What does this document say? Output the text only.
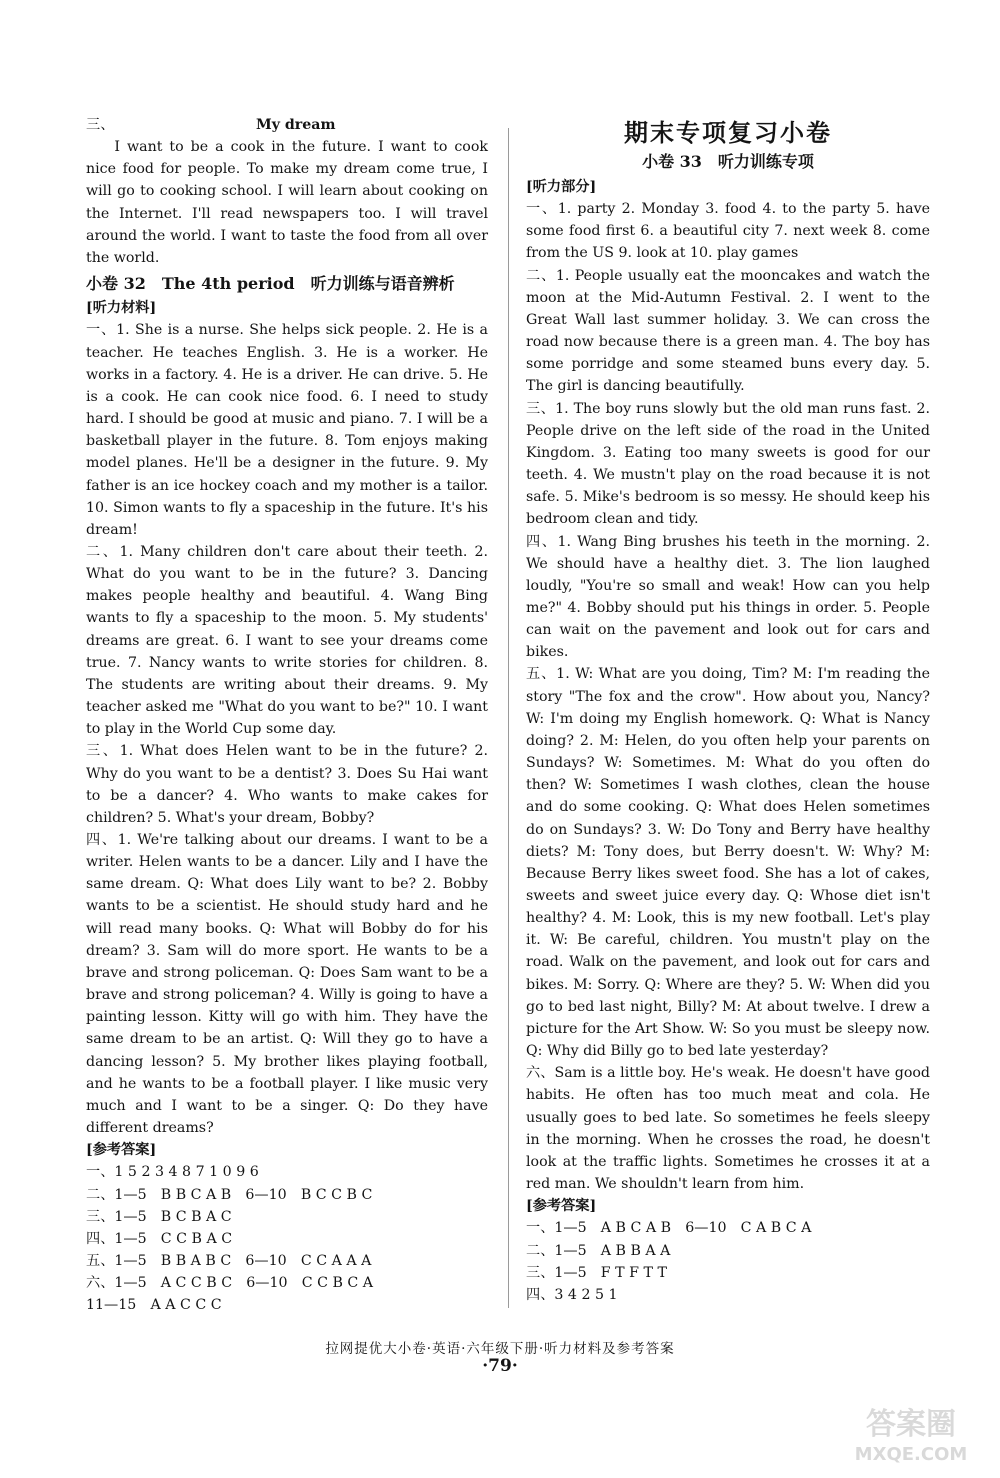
三、	My dream

I want to be a cook in the future. I want to cook nice food for people. To make my dream come true, I will go to cooking school. I will learn about cooking on the Internet. I'll read newspapers too. I will travel around the world. I want to taste the food from all over the world.

小卷 32　The 4th period　听力训练与语音辨析

[听力材料]

一、1. She is a nurse. She helps sick people. 2. He is a teacher. He teaches English. 3. He is a worker. He works in a factory. 4. He is a driver. He can drive. 5. He is a cook. He can cook nice food. 6. I need to study hard. I should be good at music and piano. 7. I will be a basketball player in the future. 8. Tom enjoys making model planes. He'll be a designer in the future. 9. My father is an ice hockey coach and my mother is a tailor. 10. Simon wants to fly a spaceship in the future. It's his dream!

二、1. Many children don't care about their teeth. 2. What do you want to be in the future? 3. Dancing makes people healthy and beautiful. 4. Wang Bing wants to fly a spaceship to the moon. 5. My students' dreams are great. 6. I want to see your dreams come true. 7. Nancy wants to write stories for children. 8. The students are writing about their dreams. 9. My teacher asked me "What do you want to be?" 10. I want to play in the World Cup some day.

三、1. What does Helen want to be in the future? 2. Why do you want to be a dentist? 3. Does Su Hai want to be a dancer? 4. Who wants to make cakes for children? 5. What's your dream, Bobby?

四、1. We're talking about our dreams. I want to be a writer. Helen wants to be a dancer. Lily and I have the same dream. Q: What does Lily want to be? 2. Bobby wants to be a scientist. He should study hard and he will read many books. Q: What will Bobby do for his dream? 3. Sam will do more sport. He wants to be a brave and strong policeman. Q: Does Sam want to be a brave and strong policeman? 4. Willy is going to have a painting lesson. Kitty will go with him. They have the same dream to be an artist. Q: Will they go to have a dancing lesson? 5. My brother likes playing football, and he wants to be a football player. I like music very much and I want to be a singer. Q: Do they have different dreams?

[参考答案]

一、1 5 2 3 4 8 7 1 0 9 6

二、1—5　B B C A B　6—10　B C C B C

三、1—5　B C B A C

四、1—5　C C B A C

五、1—5　B B A B C　6—10　C C A A A

六、1—5　A C C B C　6—10　C C B C A

11—15　A A C C C

期末专项复习小卷

小卷 33　听力训练专项

[听力部分]

一、1. party 2. Monday 3. food 4. to the party 5. have some food first 6. a beautiful city 7. next week 8. come from the US 9. look at 10. play games

二、1. People usually eat the mooncakes and watch the moon at the Mid-Autumn Festival. 2. I went to the Great Wall last summer holiday. 3. We can cross the road now because there is a green man. 4. The boy has some porridge and some steamed buns every day. 5. The girl is dancing beautifully.

三、1. The boy runs slowly but the old man runs fast. 2. People drive on the left side of the road in the United Kingdom. 3. Eating too many sweets is good for our teeth. 4. We mustn't play on the road because it is not safe. 5. Mike's bedroom is so messy. He should keep his bedroom clean and tidy.

四、1. Wang Bing brushes his teeth in the morning. 2. We should have a healthy diet. 3. The lion laughed loudly, "You're so small and weak! How can you help me?" 4. Bobby should put his things in order. 5. People can wait on the pavement and look out for cars and bikes.

五、1. W: What are you doing, Tim? M: I'm reading the story "The fox and the crow". How about you, Nancy? W: I'm doing my English homework. Q: What is Nancy doing? 2. M: Helen, do you often help your parents on Sundays? W: Sometimes. M: What do you often do then? W: Sometimes I wash clothes, clean the house and do some cooking. Q: What does Helen sometimes do on Sundays? 3. W: Do Tony and Berry have healthy diets? M: Tony does, but Berry doesn't. W: Why? M: Because Berry likes sweet food. She has a lot of cakes, sweets and sweet juice every day. Q: Whose diet isn't healthy? 4. M: Look, this is my new football. Let's play it. W: Be careful, children. You mustn't play on the road. Walk on the pavement, and look out for cars and bikes. M: Sorry. Q: Where are they? 5. W: When did you go to bed last night, Billy? M: At about twelve. I drew a picture for the Art Show. W: So you must be sleepy now. Q: Why did Billy go to bed late yesterday?

六、Sam is a little boy. He's weak. He doesn't have good habits. He often has too much meat and cola. He usually goes to bed late. So sometimes he feels sleepy in the morning. When he crosses the road, he doesn't look at the traffic lights. Sometimes he crosses it at a red man. We shouldn't learn from him.

[参考答案]

一、1—5　A B C A B　6—10　C A B C A

二、1—5　A B B A A

三、1—5　F T F T T

四、3 4 2 5 1

拉网提优大小卷·英语·六年级下册·听力材料及参考答案
·79·
答案圈
MXQE.COM
